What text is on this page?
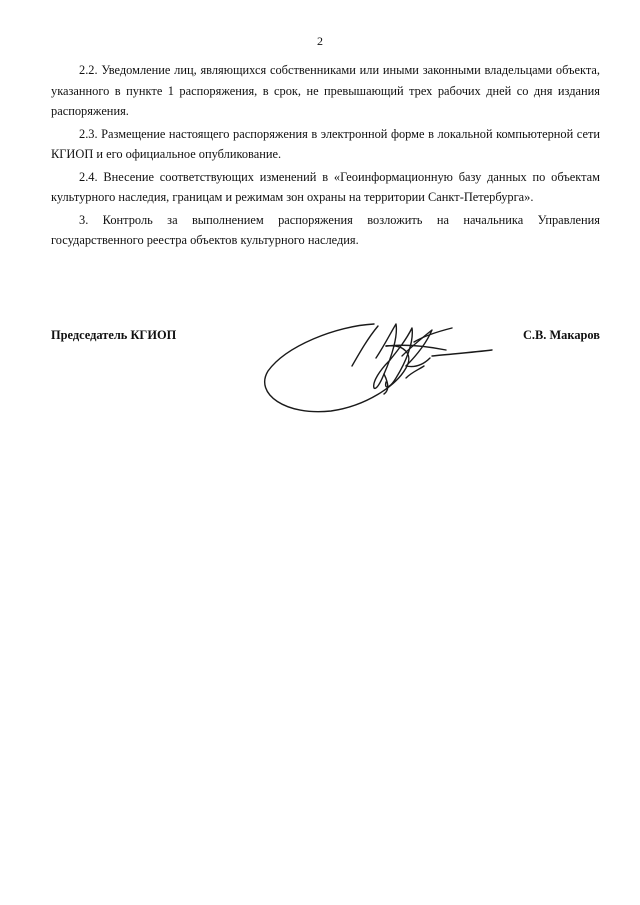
2

2.2. Уведомление лиц, являющихся собственниками или иными законными владельцами объекта, указанного в пункте 1 распоряжения, в срок, не превышающий трех рабочих дней со дня издания распоряжения.

2.3. Размещение настоящего распоряжения в электронной форме в локальной компьютерной сети КГИОП и его официальное опубликование.

2.4. Внесение соответствующих изменений в «Геоинформационную базу данных по объектам культурного наследия, границам и режимам зон охраны на территории Санкт-Петербурга».

3. Контроль за выполнением распоряжения возложить на начальника Управления государственного реестра объектов культурного наследия.

Председатель КГИОП	С.В. Макаров
